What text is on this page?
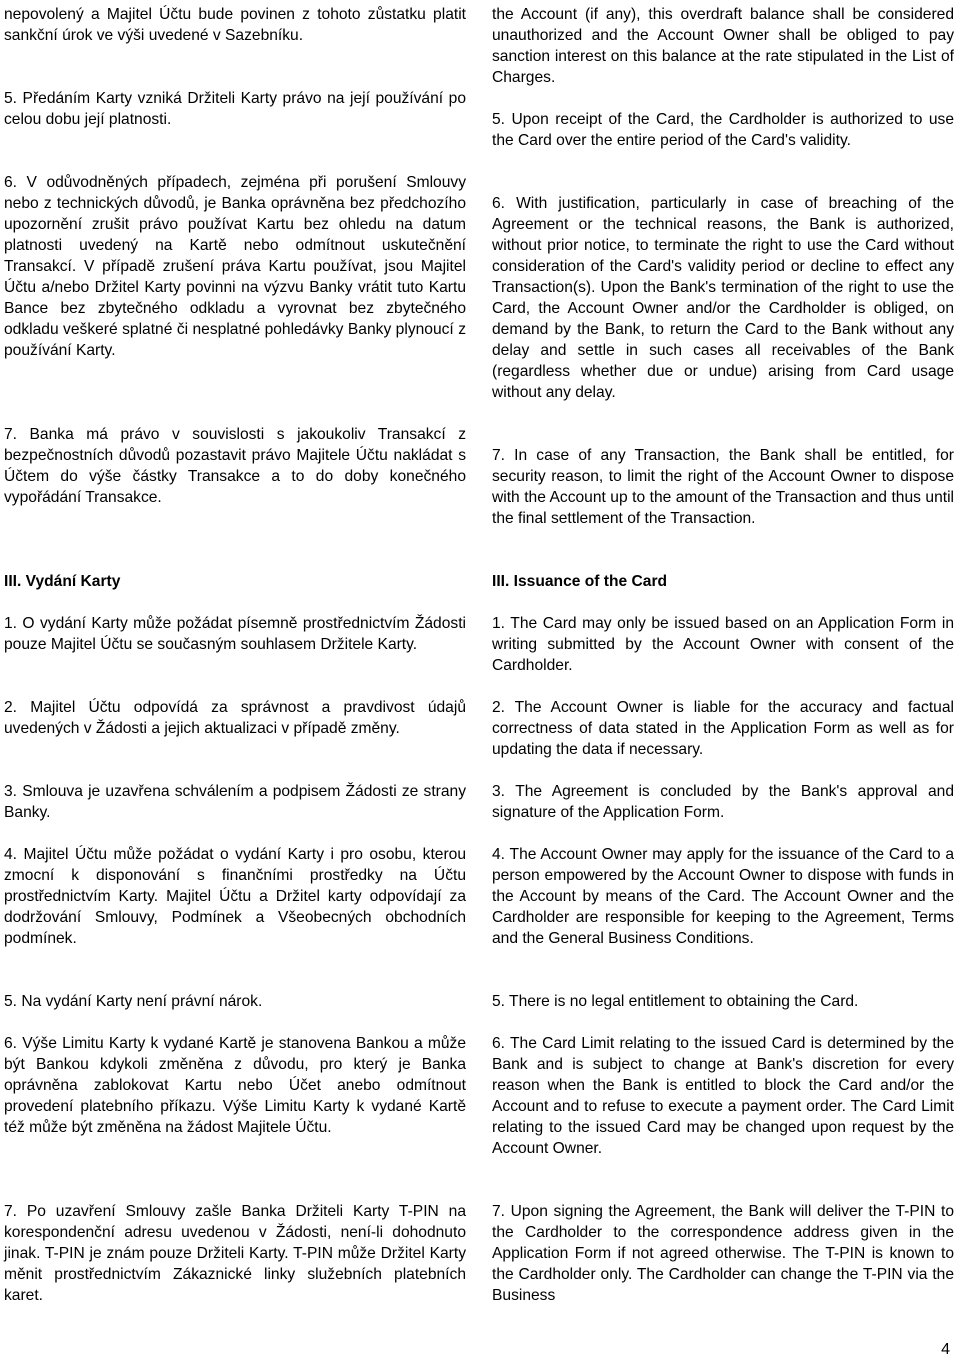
nepovolený a Majitel Účtu bude povinen z tohoto zůstatku platit sankční úrok ve výši uvedené v Sazebníku.

5. Předáním Karty vzniká Držiteli Karty právo na její používání po celou dobu její platnosti.

6. V odůvodněných případech, zejména při porušení Smlouvy nebo z technických důvodů, je Banka oprávněna bez předchozího upozornění zrušit právo používat Kartu bez ohledu na datum platnosti uvedený na Kartě nebo odmítnout uskutečnění Transakcí. V případě zrušení práva Kartu používat, jsou Majitel Účtu a/nebo Držitel Karty povinni na výzvu Banky vrátit tuto Kartu Bance bez zbytečného odkladu a vyrovnat bez zbytečného odkladu veškeré splatné či nesplatné pohledávky Banky plynoucí z používání Karty.

7. Banka má právo v souvislosti s jakoukoliv Transakcí z bezpečnostních důvodů pozastavit právo Majitele Účtu nakládat s Účtem do výše částky Transakce a to do doby konečného vypořádání Transakce.

III. Vydání Karty

1. O vydání Karty může požádat písemně prostřednictvím Žádosti pouze Majitel Účtu se současným souhlasem Držitele Karty.

2. Majitel Účtu odpovídá za správnost a pravdivost údajů uvedených v Žádosti a jejich aktualizaci v případě změny.

3. Smlouva je uzavřena schválením a podpisem Žádosti ze strany Banky.

4. Majitel Účtu může požádat o vydání Karty i pro osobu, kterou zmocní k disponování s finančními prostředky na Účtu prostřednictvím Karty. Majitel Účtu a Držitel karty odpovídají za dodržování Smlouvy, Podmínek a Všeobecných obchodních podmínek.

5. Na vydání Karty není právní nárok.

6. Výše Limitu Karty k vydané Kartě je stanovena Bankou a může být Bankou kdykoli změněna z důvodu, pro který je Banka oprávněna zablokovat Kartu nebo Účet anebo odmítnout provedení platebního příkazu. Výše Limitu Karty k vydané Kartě též může být změněna na žádost Majitele Účtu.

7. Po uzavření Smlouvy zašle Banka Držiteli Karty T-PIN na korespondenční adresu uvedenou v Žádosti, není-li dohodnuto jinak. T-PIN je znám pouze Držiteli Karty. T-PIN může Držitel Karty měnit prostřednictvím Zákaznické linky služebních platebních karet.

the Account (if any), this overdraft balance shall be considered unauthorized and the Account Owner shall be obliged to pay sanction interest on this balance at the rate stipulated in the List of Charges.

5. Upon receipt of the Card, the Cardholder is authorized to use the Card over the entire period of the Card's validity.

6. With justification, particularly in case of breaching of the Agreement or the technical reasons, the Bank is authorized, without prior notice, to terminate the right to use the Card without consideration of the Card's validity period or decline to effect any Transaction(s). Upon the Bank's termination of the right to use the Card, the Account Owner and/or the Cardholder is obliged, on demand by the Bank, to return the Card to the Bank without any delay and settle in such cases all receivables of the Bank (regardless whether due or undue) arising from Card usage without any delay.

7. In case of any Transaction, the Bank shall be entitled, for security reason, to limit the right of the Account Owner to dispose with the Account up to the amount of the Transaction and thus until the final settlement of the Transaction.

III. Issuance of the Card

1. The Card may only be issued based on an Application Form in writing submitted by the Account Owner with consent of the Cardholder.

2. The Account Owner is liable for the accuracy and factual correctness of data stated in the Application Form as well as for updating the data if necessary.

3. The Agreement is concluded by the Bank's approval and signature of the Application Form.

4. The Account Owner may apply for the issuance of the Card to a person empowered by the Account Owner to dispose with funds in the Account by means of the Card. The Account Owner and the Cardholder are responsible for keeping to the Agreement, Terms and the General Business Conditions.

5. There is no legal entitlement to obtaining the Card.

6. The Card Limit relating to the issued Card is determined by the Bank and is subject to change at Bank's discretion for every reason when the Bank is entitled to block the Card and/or the Account and to refuse to execute a payment order. The Card Limit relating to the issued Card may be changed upon request by the Account Owner.

7. Upon signing the Agreement, the Bank will deliver the T-PIN to the Cardholder to the correspondence address given in the Application Form if not agreed otherwise. The T-PIN is known to the Cardholder only. The Cardholder can change the T-PIN via the Business

4
